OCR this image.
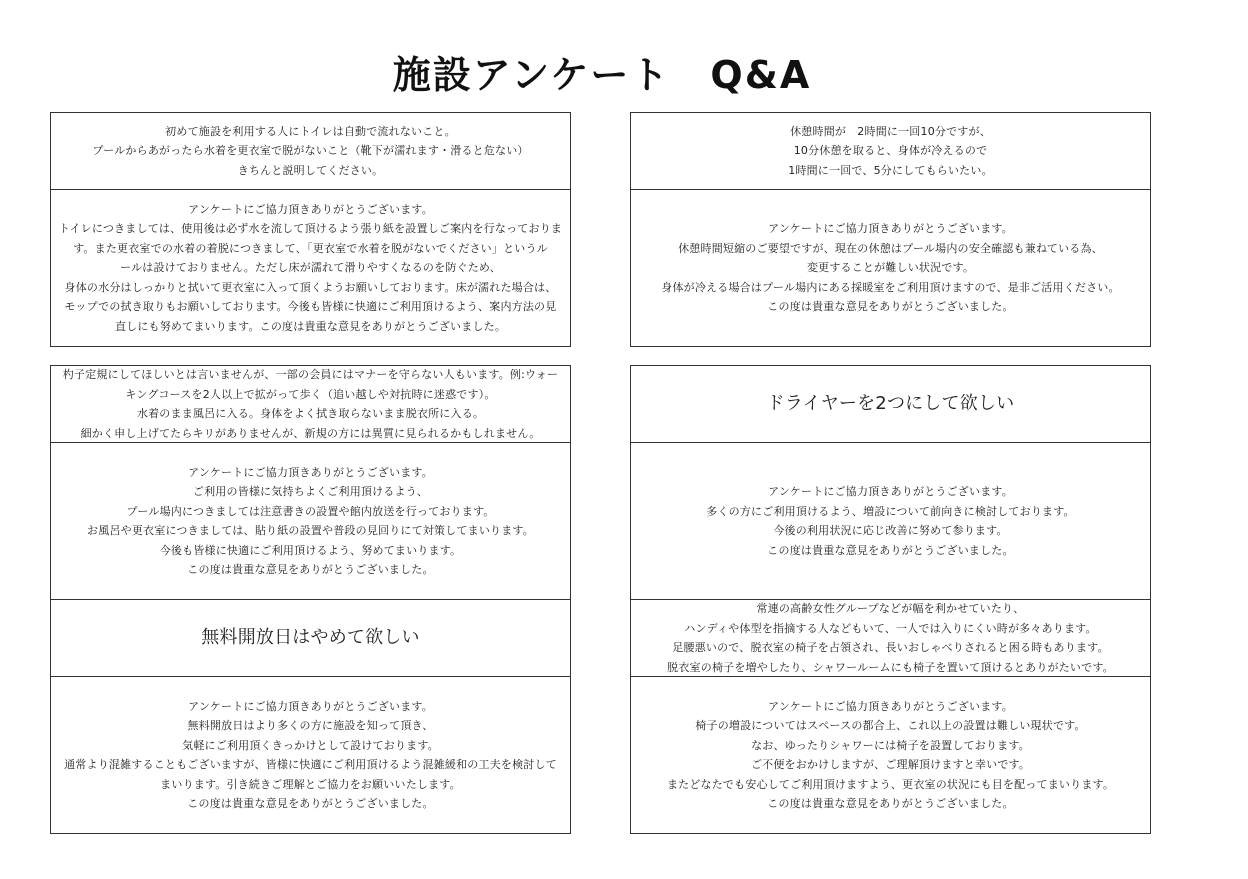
施設アンケート　Q&A
初めて施設を利用する人にトイレは自動で流れないこと。
プールからあがったら水着を更衣室で脱がないこと（靴下が濡れます・滑ると危ない）
きちんと説明してください。
アンケートにご協力頂きありがとうございます。
トイレにつきましては、使用後は必ず水を流して頂けるよう張り紙を設置しご案内を行なっておりま
す。また更衣室での水着の着脱につきまして、「更衣室で水着を脱がないでください」というル
ールは設けておりません。ただし床が濡れて滑りやすくなるのを防ぐため、
身体の水分はしっかりと拭いて更衣室に入って頂くようお願いしております。床が濡れた場合は、
モップでの拭き取りもお願いしております。今後も皆様に快適にご利用頂けるよう、案内方法の見
直しにも努めてまいります。この度は貴重な意見をありがとうございました。
休憩時間が　2時間に一回10分ですが、
10分休憩を取ると、身体が冷えるので
1時間に一回で、5分にしてもらいたい。
アンケートにご協力頂きありがとうございます。
休憩時間短縮のご要望ですが、現在の休憩はプール場内の安全確認も兼ねている為、
変更することが難しい状況です。
身体が冷える場合はプール場内にある採暖室をご利用頂けますので、是非ご活用ください。
この度は貴重な意見をありがとうございました。
杓子定規にしてほしいとは言いませんが、一部の会員にはマナーを守らない人もいます。例:ウォー
キングコースを2人以上で拡がって歩く（追い越しや対抗時に迷惑です）。
水着のまま風呂に入る。身体をよく拭き取らないまま脱衣所に入る。
細かく申し上げてたらキリがありませんが、新規の方には異質に見られるかもしれません。
アンケートにご協力頂きありがとうございます。
ご利用の皆様に気持ちよくご利用頂けるよう、
プール場内につきましては注意書きの設置や館内放送を行っております。
お風呂や更衣室につきましては、貼り紙の設置や普段の見回りにて対策してまいります。
今後も皆様に快適にご利用頂けるよう、努めてまいります。
この度は貴重な意見をありがとうございました。
ドライヤーを2つにして欲しい
アンケートにご協力頂きありがとうございます。
多くの方にご利用頂けるよう、増設について前向きに検討しております。
今後の利用状況に応じ改善に努めて参ります。
この度は貴重な意見をありがとうございました。
無料開放日はやめて欲しい
アンケートにご協力頂きありがとうございます。
無料開放日はより多くの方に施設を知って頂き、
気軽にご利用頂くきっかけとして設けております。
通常より混雑することもございますが、皆様に快適にご利用頂けるよう混雑緩和の工夫を検討して
まいります。引き続きご理解とご協力をお願いいたします。
この度は貴重な意見をありがとうございました。
常連の高齢女性グループなどが幅を利かせていたり、
ハンディや体型を指摘する人などもいて、一人では入りにくい時が多々あります。
足腰悪いので、脱衣室の椅子を占領され、長いおしゃべりされると困る時もあります。
脱衣室の椅子を増やしたり、シャワールームにも椅子を置いて頂けるとありがたいです。
アンケートにご協力頂きありがとうございます。
椅子の増設についてはスペースの都合上、これ以上の設置は難しい現状です。
なお、ゆったりシャワーには椅子を設置しております。
ご不便をおかけしますが、ご理解頂けますと幸いです。
またどなたでも安心してご利用頂けますよう、更衣室の状況にも目を配ってまいります。
この度は貴重な意見をありがとうございました。
